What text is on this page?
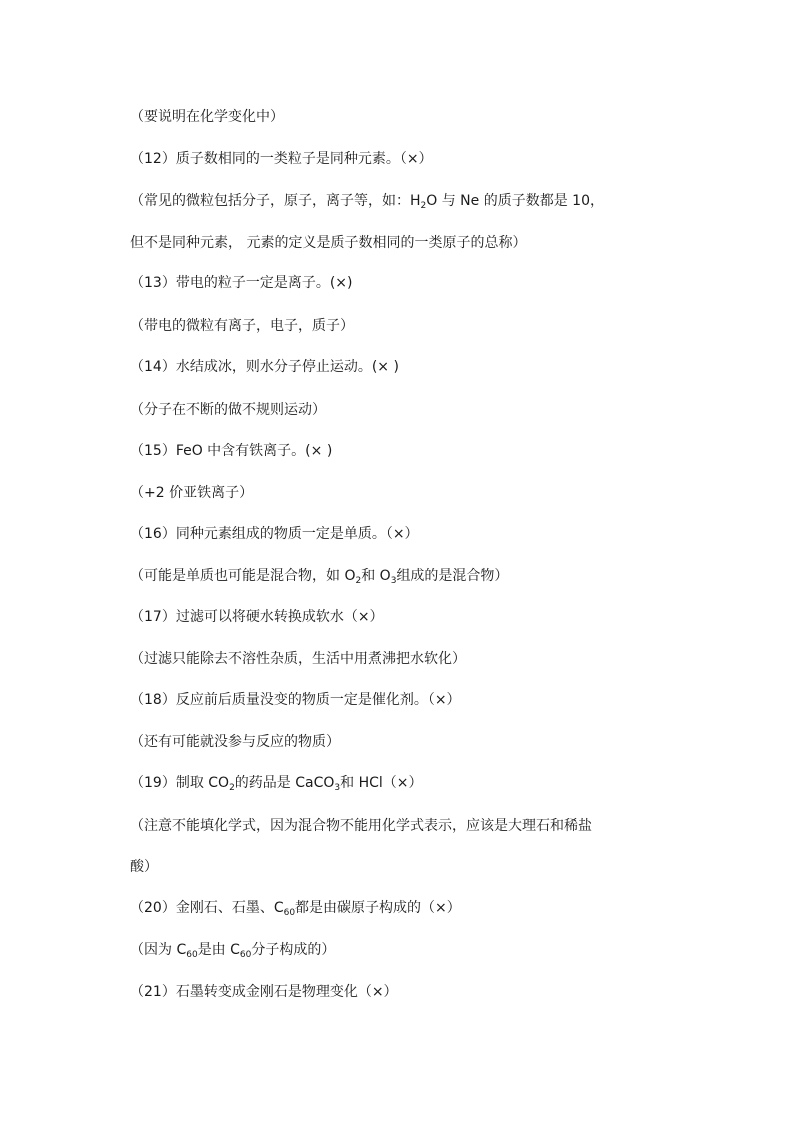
（要说明在化学变化中）
（12）质子数相同的一类粒子是同种元素。（×）
（常见的微粒包括分子，原子，离子等，如：$H_2O$ 与 Ne 的质子数都是 10，
但不是同种元素， 元素的定义是质子数相同的一类原子的总称）
（13）带电的粒子一定是离子。(×)
（带电的微粒有离子，电子，质子）
（14）水结成冰，则水分子停止运动。(× )
（分子在不断的做不规则运动）
（15）FeO 中含有铁离子。(× )
（+2 价亚铁离子）
（16）同种元素组成的物质一定是单质。（×）
（可能是单质也可能是混合物，如 $O_2$和 $O_3$组成的是混合物）
（17）过滤可以将硬水转换成软水（×）
（过滤只能除去不溶性杂质，生活中用煮沸把水软化）
（18）反应前后质量没变的物质一定是催化剂。（×）
（还有可能就没参与反应的物质）
（19）制取 $CO_2$的药品是 CaCO$_3$和 HCl（×）
（注意不能填化学式，因为混合物不能用化学式表示，应该是大理石和稀盐
酸）
（20）金刚石、石墨、$C_{60}$都是由碳原子构成的（×）
（因为 $C_{60}$是由 $C_{60}$分子构成的）
（21）石墨转变成金刚石是物理变化（×）
